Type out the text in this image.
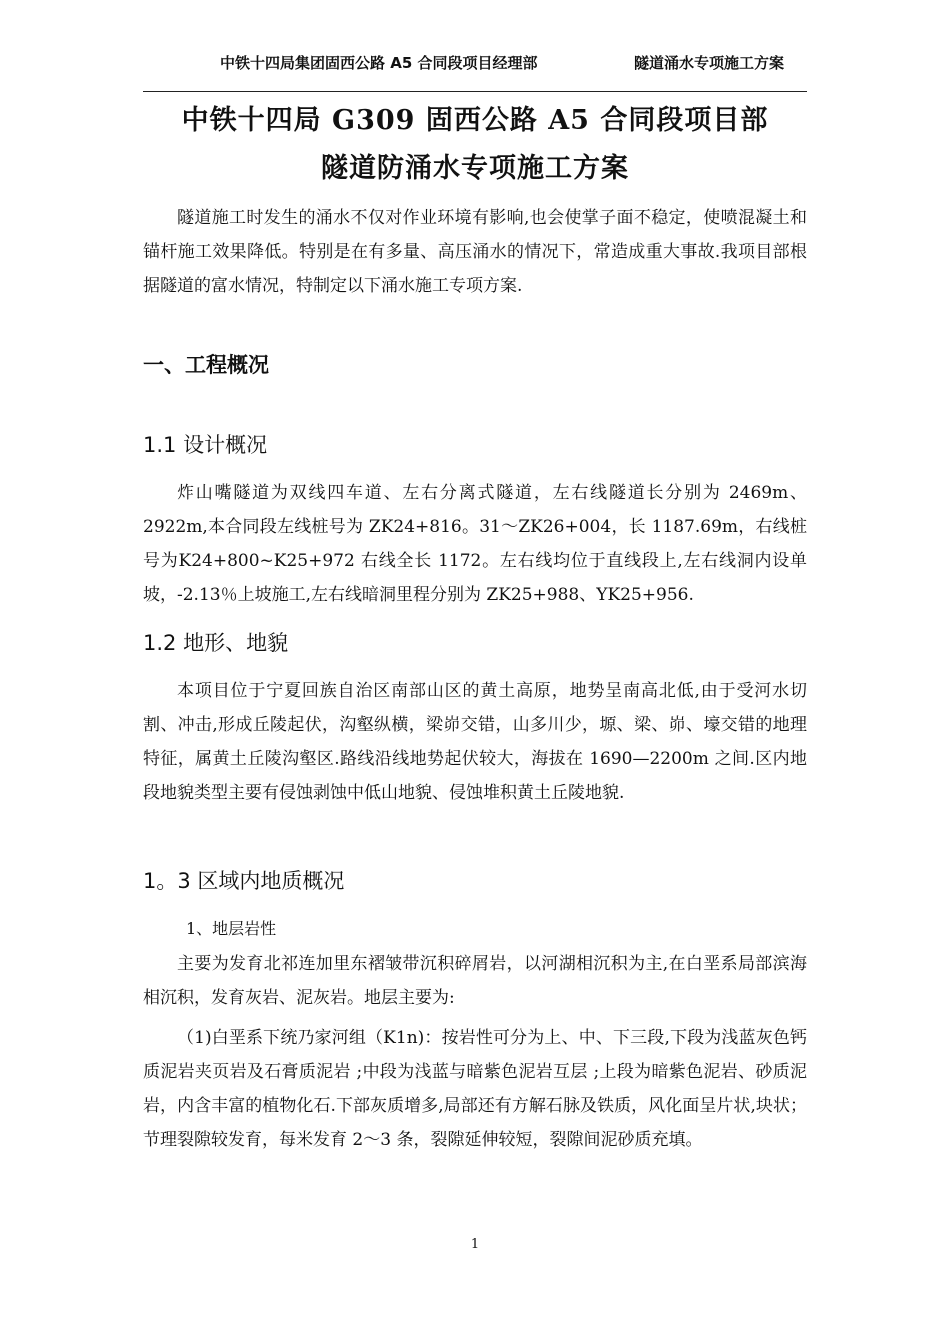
中铁十四局集团固西公路 A5 合同段项目经理部	隧道涌水专项施工方案
中铁十四局 G309 固西公路 A5 合同段项目部
隧道防涌水专项施工方案
隧道施工时发生的涌水不仅对作业环境有影响,也会使掌子面不稳定，使喷混凝土和锚杆施工效果降低。特别是在有多量、高压涌水的情况下，常造成重大事故.我项目部根据隧道的富水情况，特制定以下涌水施工专项方案.
一、工程概况
1.1 设计概况
炸山嘴隧道为双线四车道、左右分离式隧道，左右线隧道长分别为 2469m、2922m,本合同段左线桩号为 ZK24+816。31～ZK26+004，长 1187.69m，右线桩号为K24+800~K25+972 右线全长 1172。左右线均位于直线段上,左右线洞内设单坡，-2.13％上坡施工,左右线暗洞里程分别为 ZK25+988、YK25+956.
1.2 地形、地貌
本项目位于宁夏回族自治区南部山区的黄土高原，地势呈南高北低,由于受河水切割、冲击,形成丘陵起伏，沟壑纵横，梁峁交错，山多川少，塬、梁、峁、壕交错的地理特征，属黄土丘陵沟壑区.路线沿线地势起伏较大，海拔在 1690—2200m 之间.区内地段地貌类型主要有侵蚀剥蚀中低山地貌、侵蚀堆积黄土丘陵地貌.
1。3 区域内地质概况
1、地层岩性
主要为发育北祁连加里东褶皱带沉积碎屑岩，以河湖相沉积为主,在白垩系局部滨海相沉积，发育灰岩、泥灰岩。地层主要为:
（1)白垩系下统乃家河组（K1n)：按岩性可分为上、中、下三段,下段为浅蓝灰色钙质泥岩夹页岩及石膏质泥岩 ;中段为浅蓝与暗紫色泥岩互层 ;上段为暗紫色泥岩、砂质泥岩，内含丰富的植物化石.下部灰质增多,局部还有方解石脉及铁质，风化面呈片状,块状；节理裂隙较发育，每米发育 2～3 条，裂隙延伸较短，裂隙间泥砂质充填。
1
